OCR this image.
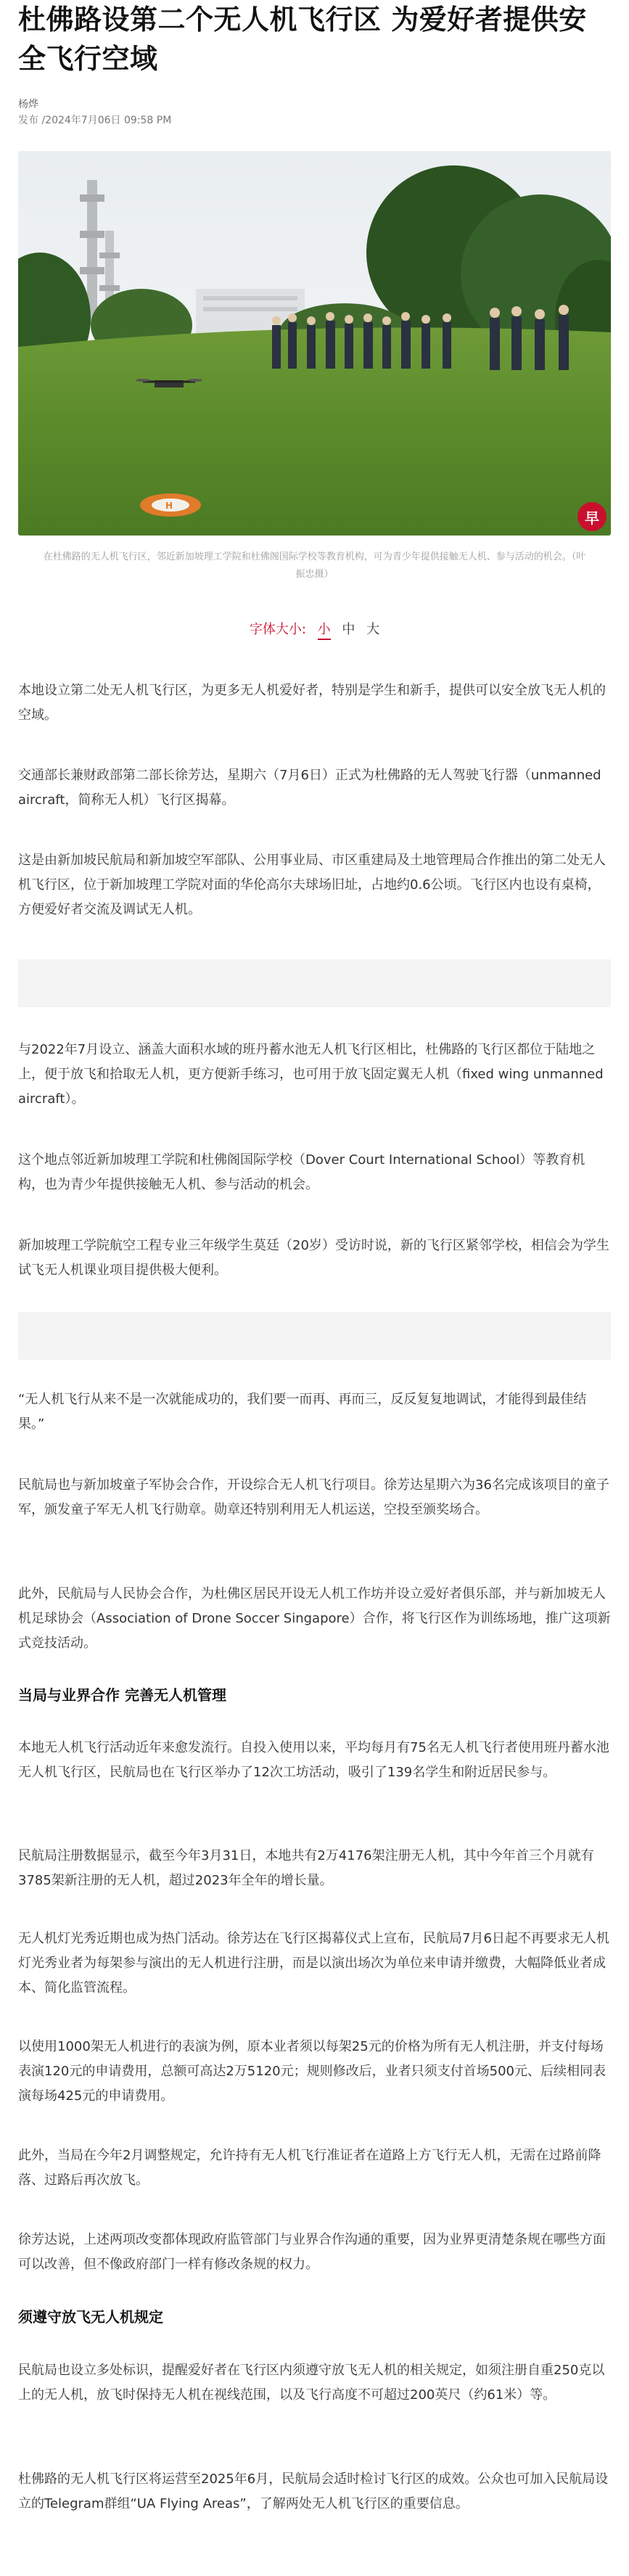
杜佛路设第二个无人机飞行区 为爱好者提供安全飞行空域
杨烨
发布 /2024年7月06日 09:58 PM
H
早
在杜佛路的无人机飞行区，邻近新加坡理工学院和杜佛阁国际学校等教育机构，可为青少年提供接触无人机、参与活动的机会。（叶振忠摄）
字体大小: 小 中 大

本地设立第二处无人机飞行区，为更多无人机爱好者，特别是学生和新手，提供可以安全放飞无人机的空域。

交通部长兼财政部第二部长徐芳达，星期六（7月6日）正式为杜佛路的无人驾驶飞行器（unmanned aircraft，简称无人机）飞行区揭幕。

这是由新加坡民航局和新加坡空军部队、公用事业局、市区重建局及土地管理局合作推出的第二处无人机飞行区，位于新加坡理工学院对面的华伦高尔夫球场旧址，占地约0.6公顷。飞行区内也设有桌椅，方便爱好者交流及调试无人机。

与2022年7月设立、涵盖大面积水域的班丹蓄水池无人机飞行区相比，杜佛路的飞行区都位于陆地之上，便于放飞和拾取无人机，更方便新手练习，也可用于放飞固定翼无人机（fixed wing unmanned aircraft）。

这个地点邻近新加坡理工学院和杜佛阁国际学校（Dover Court International School）等教育机构，也为青少年提供接触无人机、参与活动的机会。

新加坡理工学院航空工程专业三年级学生莫廷（20岁）受访时说，新的飞行区紧邻学校，相信会为学生试飞无人机课业项目提供极大便利。

“无人机飞行从来不是一次就能成功的，我们要一而再、再而三，反反复复地调试，才能得到最佳结果。”

民航局也与新加坡童子军协会合作，开设综合无人机飞行项目。徐芳达星期六为36名完成该项目的童子军，颁发童子军无人机飞行勋章。勋章还特别利用无人机运送，空投至颁奖场合。

此外，民航局与人民协会合作，为杜佛区居民开设无人机工作坊并设立爱好者俱乐部，并与新加坡无人机足球协会（Association of Drone Soccer Singapore）合作，将飞行区作为训练场地，推广这项新式竞技活动。

当局与业界合作 完善无人机管理

本地无人机飞行活动近年来愈发流行。自投入使用以来，平均每月有75名无人机飞行者使用班丹蓄水池无人机飞行区，民航局也在飞行区举办了12次工坊活动，吸引了139名学生和附近居民参与。

民航局注册数据显示，截至今年3月31日，本地共有2万4176架注册无人机，其中今年首三个月就有3785架新注册的无人机，超过2023年全年的增长量。

无人机灯光秀近期也成为热门活动。徐芳达在飞行区揭幕仪式上宣布，民航局7月6日起不再要求无人机灯光秀业者为每架参与演出的无人机进行注册，而是以演出场次为单位来申请并缴费，大幅降低业者成本、简化监管流程。

以使用1000架无人机进行的表演为例，原本业者须以每架25元的价格为所有无人机注册，并支付每场表演120元的申请费用，总额可高达2万5120元；规则修改后，业者只须支付首场500元、后续相同表演每场425元的申请费用。

此外，当局在今年2月调整规定，允许持有无人机飞行准证者在道路上方飞行无人机，无需在过路前降落、过路后再次放飞。

徐芳达说，上述两项改变都体现政府监管部门与业界合作沟通的重要，因为业界更清楚条规在哪些方面可以改善，但不像政府部门一样有修改条规的权力。

须遵守放飞无人机规定

民航局也设立多处标识，提醒爱好者在飞行区内须遵守放飞无人机的相关规定，如须注册自重250克以上的无人机，放飞时保持无人机在视线范围，以及飞行高度不可超过200英尺（约61米）等。

杜佛路的无人机飞行区将运营至2025年6月，民航局会适时检讨飞行区的成效。公众也可加入民航局设立的Telegram群组“UA Flying Areas”，了解两处无人机飞行区的重要信息。
